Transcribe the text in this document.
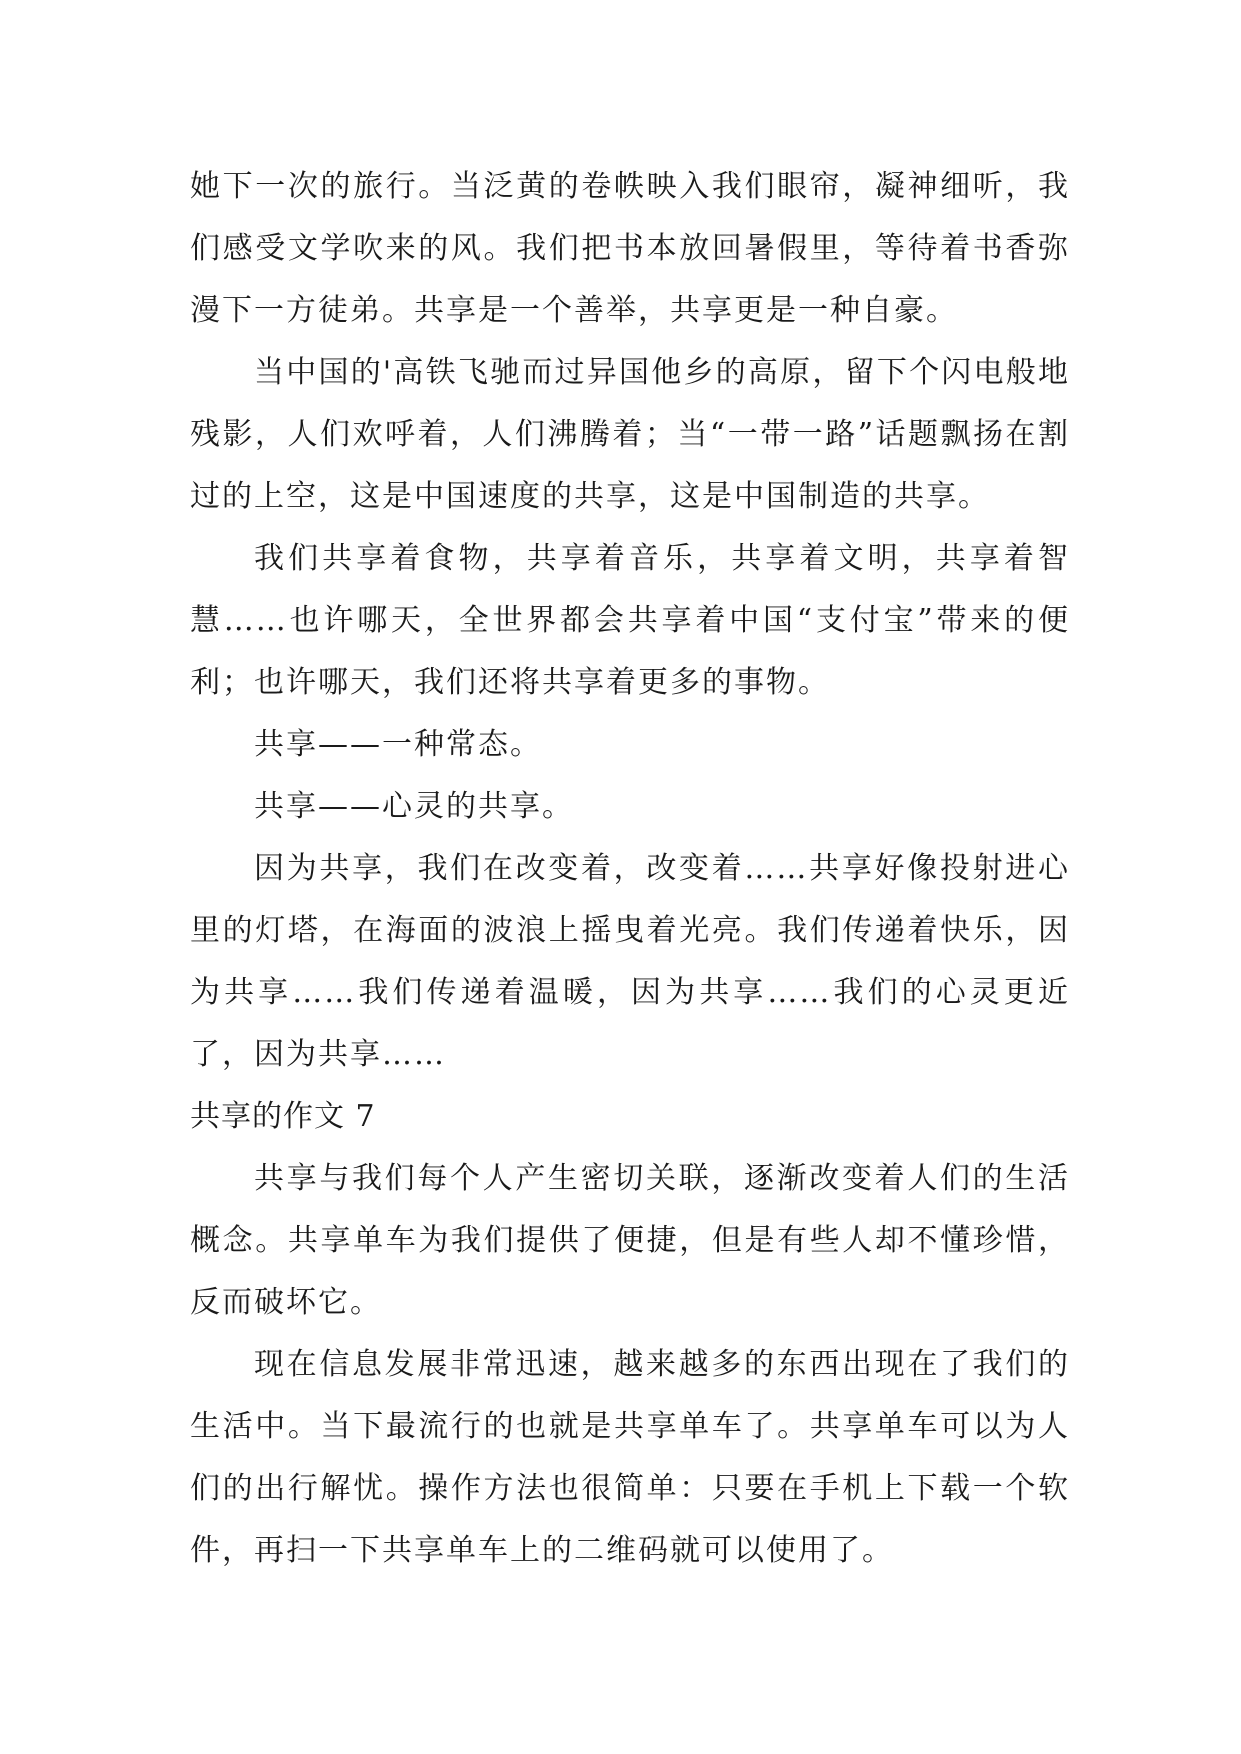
她下一次的旅行。当泛黄的卷帙映入我们眼帘，凝神细听，我们感受文学吹来的风。我们把书本放回暑假里，等待着书香弥漫下一方徒弟。共享是一个善举，共享更是一种自豪。

当中国的'高铁飞驰而过异国他乡的高原，留下个闪电般地残影，人们欢呼着，人们沸腾着；当“一带一路”话题飘扬在割过的上空，这是中国速度的共享，这是中国制造的共享。

我们共享着食物，共享着音乐，共享着文明，共享着智慧……也许哪天，全世界都会共享着中国“支付宝”带来的便利；也许哪天，我们还将共享着更多的事物。

共享——一种常态。

共享——心灵的共享。

因为共享，我们在改变着，改变着……共享好像投射进心里的灯塔，在海面的波浪上摇曳着光亮。我们传递着快乐，因为共享……我们传递着温暖，因为共享……我们的心灵更近了，因为共享……

共享的作文 7

共享与我们每个人产生密切关联，逐渐改变着人们的生活概念。共享单车为我们提供了便捷，但是有些人却不懂珍惜，反而破坏它。

现在信息发展非常迅速，越来越多的东西出现在了我们的生活中。当下最流行的也就是共享单车了。共享单车可以为人们的出行解忧。操作方法也很简单：只要在手机上下载一个软件，再扫一下共享单车上的二维码就可以使用了。
